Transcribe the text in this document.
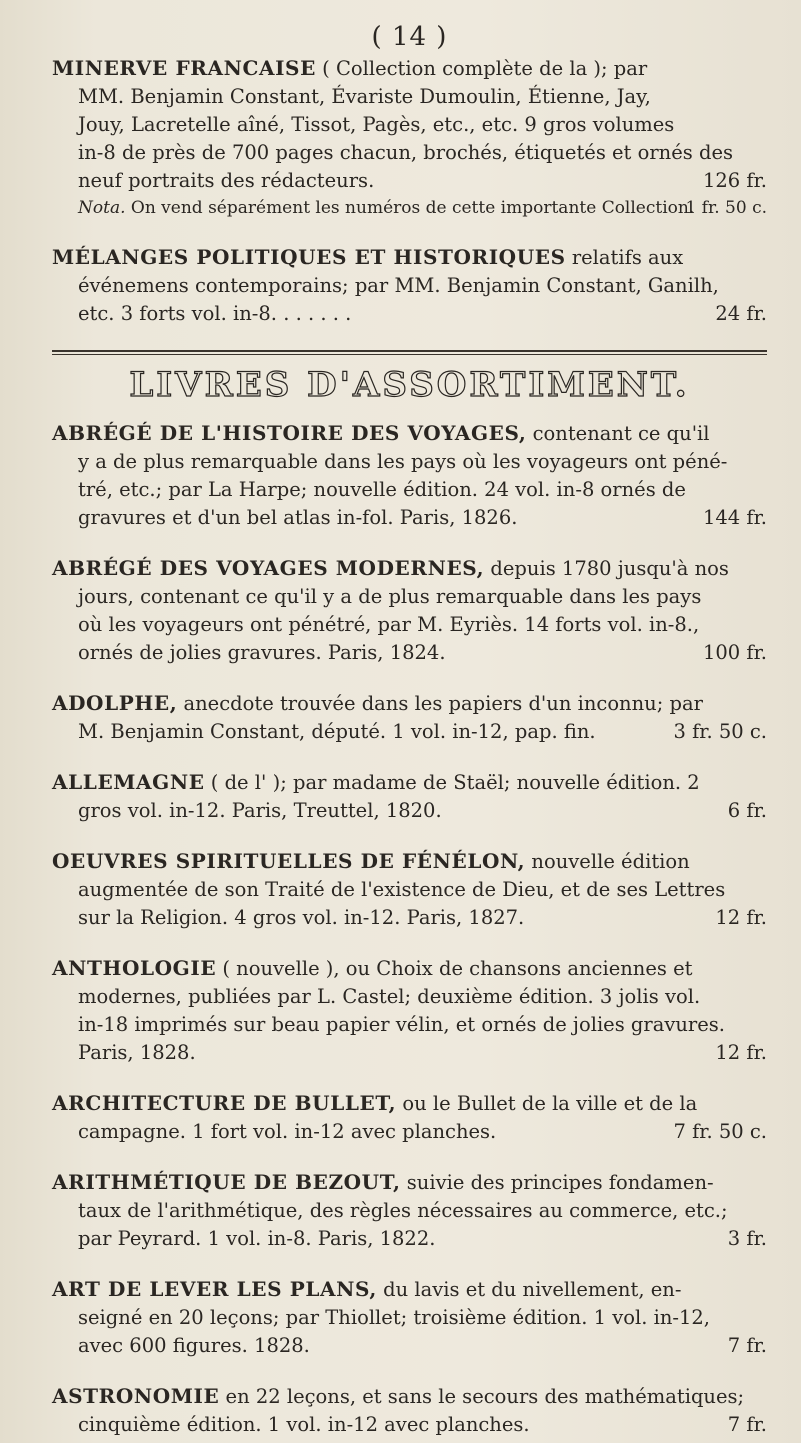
( 14 )
MINERVE FRANCAISE ( Collection complète de la ); par
MM. Benjamin Constant, Évariste Dumoulin, Étienne, Jay,
Jouy, Lacretelle aîné, Tissot, Pagès, etc., etc. 9 gros volumes
in-8 de près de 700 pages chacun, brochés, étiquetés et ornés des
neuf portraits des rédacteurs.	126 fr.
Nota. On vend séparément les numéros de cette importante Collection.
1 fr. 50 c.
MÉLANGES POLITIQUES ET HISTORIQUES relatifs aux
événemens contemporains; par MM. Benjamin Constant, Ganilh,
etc. 3 forts vol. in-8. . . . . . .	24 fr.
LIVRES D'ASSORTIMENT.
ABRÉGÉ DE L'HISTOIRE DES VOYAGES, contenant ce qu'il
y a de plus remarquable dans les pays où les voyageurs ont péné-
tré, etc.; par La Harpe; nouvelle édition. 24 vol. in-8 ornés de
gravures et d'un bel atlas in-fol. Paris, 1826.	144 fr.
ABRÉGÉ DES VOYAGES MODERNES, depuis 1780 jusqu'à nos
jours, contenant ce qu'il y a de plus remarquable dans les pays
où les voyageurs ont pénétré, par M. Eyriès. 14 forts vol. in-8.,
ornés de jolies gravures. Paris, 1824.	100 fr.
ADOLPHE, anecdote trouvée dans les papiers d'un inconnu; par
M. Benjamin Constant, député. 1 vol. in-12, pap. fin.	3 fr. 50 c.
ALLEMAGNE ( de l' ); par madame de Staël; nouvelle édition. 2
gros vol. in-12. Paris, Treuttel, 1820.	6 fr.
OEUVRES SPIRITUELLES DE FÉNÉLON, nouvelle édition
augmentée de son Traité de l'existence de Dieu, et de ses Lettres
sur la Religion. 4 gros vol. in-12. Paris, 1827.	12 fr.
ANTHOLOGIE ( nouvelle ), ou Choix de chansons anciennes et
modernes, publiées par L. Castel; deuxième édition. 3 jolis vol.
in-18 imprimés sur beau papier vélin, et ornés de jolies gravures.
Paris, 1828.	12 fr.
ARCHITECTURE DE BULLET, ou le Bullet de la ville et de la
campagne. 1 fort vol. in-12 avec planches.	7 fr. 50 c.
ARITHMÉTIQUE DE BEZOUT, suivie des principes fondamen-
taux de l'arithmétique, des règles nécessaires au commerce, etc.;
par Peyrard. 1 vol. in-8. Paris, 1822.	3 fr.
ART DE LEVER LES PLANS, du lavis et du nivellement, en-
seigné en 20 leçons; par Thiollet; troisième édition. 1 vol. in-12,
avec 600 figures. 1828.	7 fr.
ASTRONOMIE en 22 leçons, et sans le secours des mathématiques;
cinquième édition. 1 vol. in-12 avec planches.	7 fr.
